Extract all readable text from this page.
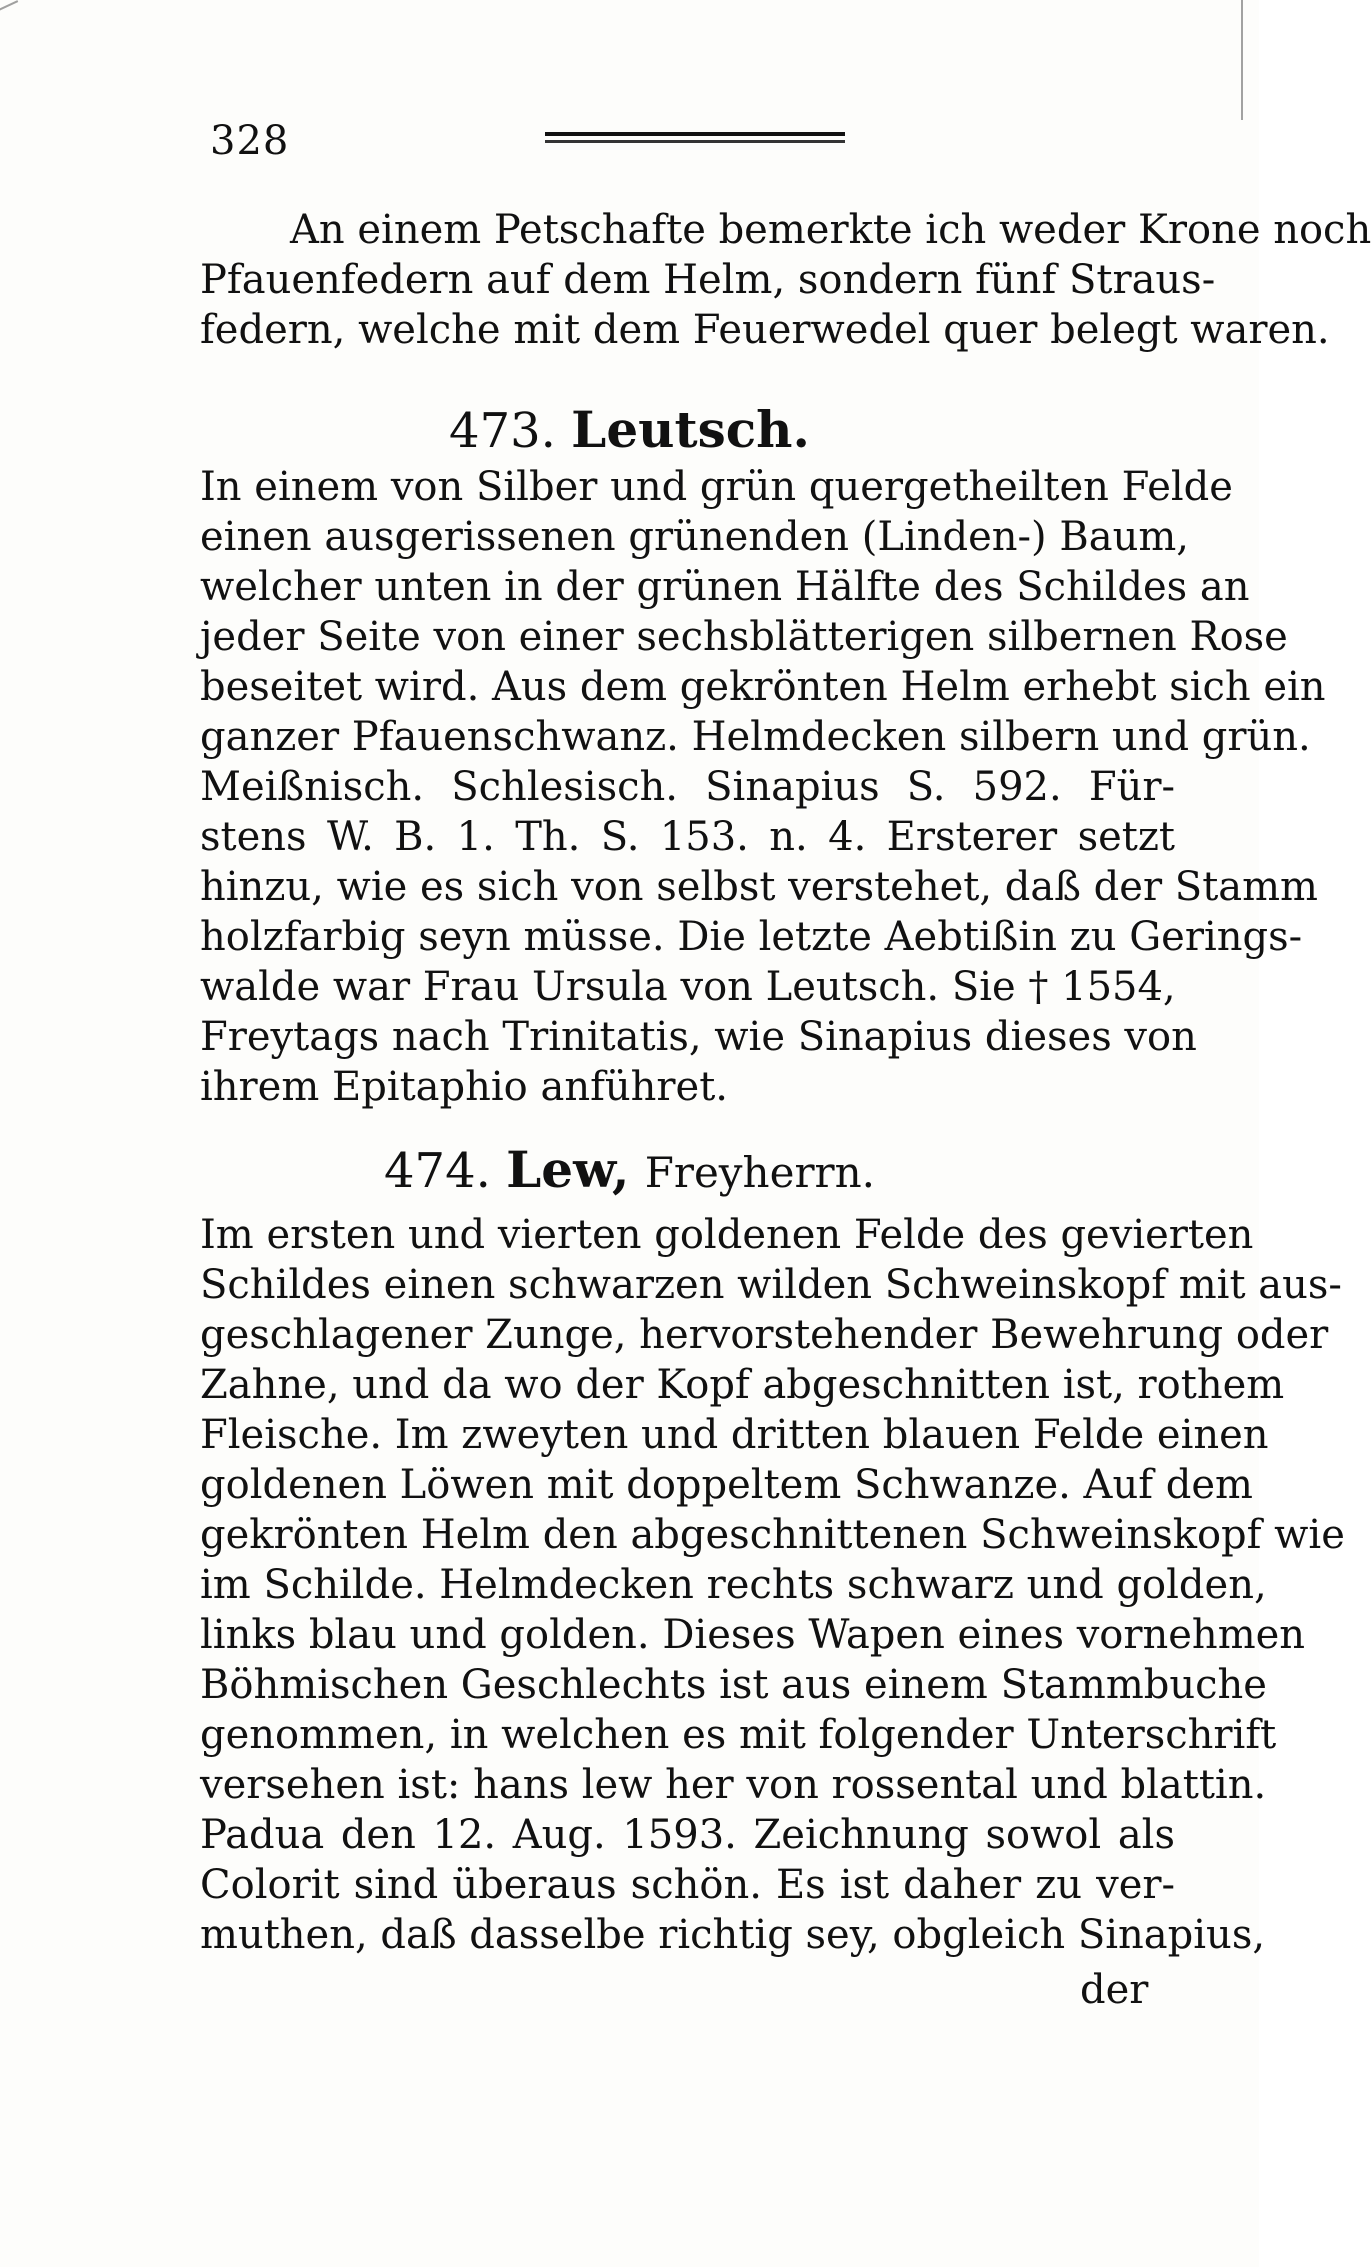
328
An einem Petschafte bemerkte ich weder Krone noch
Pfauenfedern auf dem Helm, sondern fünf Straus-
federn, welche mit dem Feuerwedel quer belegt waren.
473. Leutsch.
In einem von Silber und grün quergetheilten Felde
einen ausgerissenen grünenden (Linden-) Baum,
welcher unten in der grünen Hälfte des Schildes an
jeder Seite von einer sechsblätterigen silbernen Rose
beseitet wird. Aus dem gekrönten Helm erhebt sich ein
ganzer Pfauenschwanz. Helmdecken silbern und grün.
Meißnisch. Schlesisch. Sinapius S. 592. Für-
stens W. B. 1. Th. S. 153. n. 4. Ersterer setzt
hinzu, wie es sich von selbst verstehet, daß der Stamm
holzfarbig seyn müsse. Die letzte Aebtißin zu Gerings-
walde war Frau Ursula von Leutsch. Sie † 1554,
Freytags nach Trinitatis, wie Sinapius dieses von
ihrem Epitaphio anführet.
474. Lew, Freyherrn.
Im ersten und vierten goldenen Felde des gevierten
Schildes einen schwarzen wilden Schweinskopf mit aus-
geschlagener Zunge, hervorstehender Bewehrung oder
Zahne, und da wo der Kopf abgeschnitten ist, rothem
Fleische. Im zweyten und dritten blauen Felde einen
goldenen Löwen mit doppeltem Schwanze. Auf dem
gekrönten Helm den abgeschnittenen Schweinskopf wie
im Schilde. Helmdecken rechts schwarz und golden,
links blau und golden. Dieses Wapen eines vornehmen
Böhmischen Geschlechts ist aus einem Stammbuche
genommen, in welchen es mit folgender Unterschrift
versehen ist: hans lew her von rossental und blattin.
Padua den 12. Aug. 1593. Zeichnung sowol als
Colorit sind überaus schön. Es ist daher zu ver-
muthen, daß dasselbe richtig sey, obgleich Sinapius,
der
